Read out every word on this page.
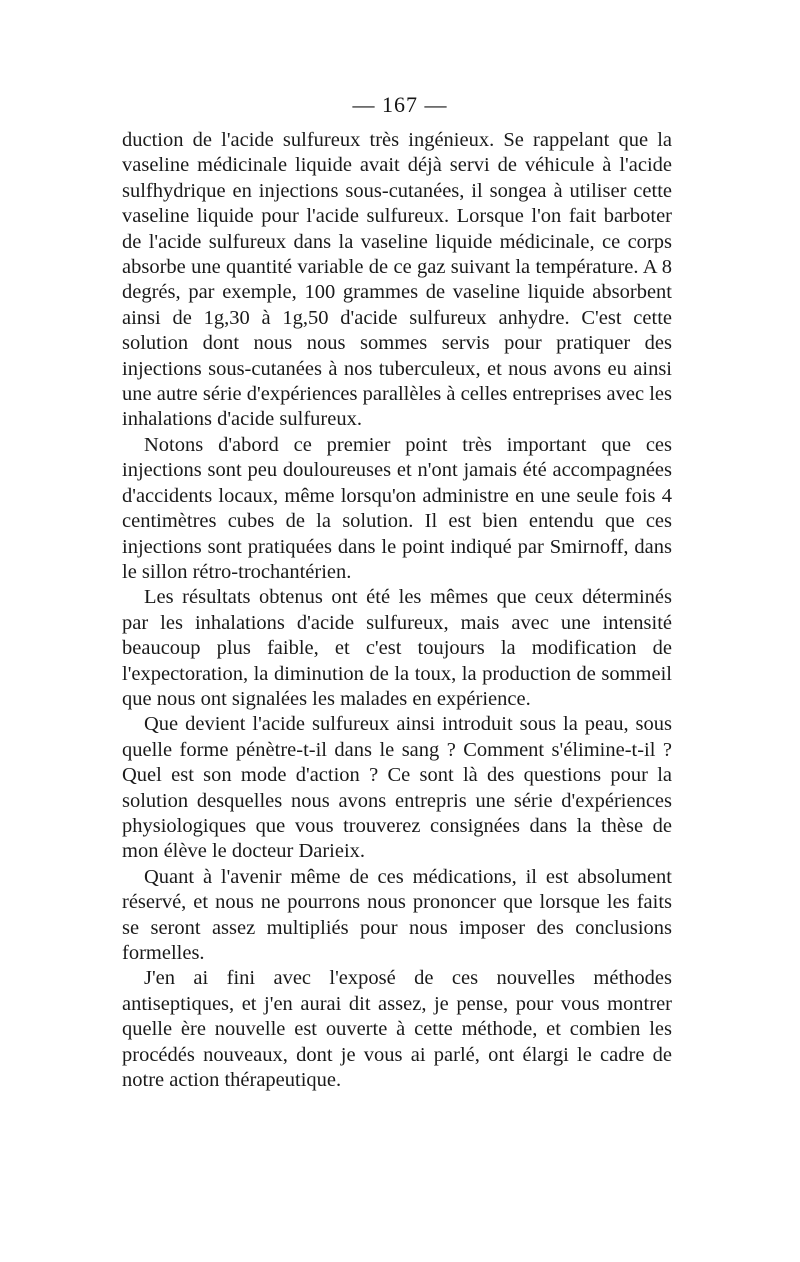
— 167 —

duction de l'acide sulfureux très ingénieux. Se rappelant que la vaseline médicinale liquide avait déjà servi de véhicule à l'acide sulfhydrique en injections sous-cutanées, il songea à utiliser cette vaseline liquide pour l'acide sulfureux. Lorsque l'on fait barboter de l'acide sulfureux dans la vaseline liquide médicinale, ce corps absorbe une quantité variable de ce gaz suivant la température. A 8 degrés, par exemple, 100 grammes de vaseline liquide absorbent ainsi de 1g,30 à 1g,50 d'acide sulfureux anhydre. C'est cette solution dont nous nous sommes servis pour pratiquer des injections sous-cutanées à nos tuberculeux, et nous avons eu ainsi une autre série d'expériences parallèles à celles entreprises avec les inhalations d'acide sulfureux.

Notons d'abord ce premier point très important que ces injections sont peu douloureuses et n'ont jamais été accompagnées d'accidents locaux, même lorsqu'on administre en une seule fois 4 centimètres cubes de la solution. Il est bien entendu que ces injections sont pratiquées dans le point indiqué par Smirnoff, dans le sillon rétro-trochantérien.

Les résultats obtenus ont été les mêmes que ceux déterminés par les inhalations d'acide sulfureux, mais avec une intensité beaucoup plus faible, et c'est toujours la modification de l'expectoration, la diminution de la toux, la production de sommeil que nous ont signalées les malades en expérience.

Que devient l'acide sulfureux ainsi introduit sous la peau, sous quelle forme pénètre-t-il dans le sang ? Comment s'élimine-t-il ? Quel est son mode d'action ? Ce sont là des questions pour la solution desquelles nous avons entrepris une série d'expériences physiologiques que vous trouverez consignées dans la thèse de mon élève le docteur Darieix.

Quant à l'avenir même de ces médications, il est absolument réservé, et nous ne pourrons nous prononcer que lorsque les faits se seront assez multipliés pour nous imposer des conclusions formelles.

J'en ai fini avec l'exposé de ces nouvelles méthodes antiseptiques, et j'en aurai dit assez, je pense, pour vous montrer quelle ère nouvelle est ouverte à cette méthode, et combien les procédés nouveaux, dont je vous ai parlé, ont élargi le cadre de notre action thérapeutique.
